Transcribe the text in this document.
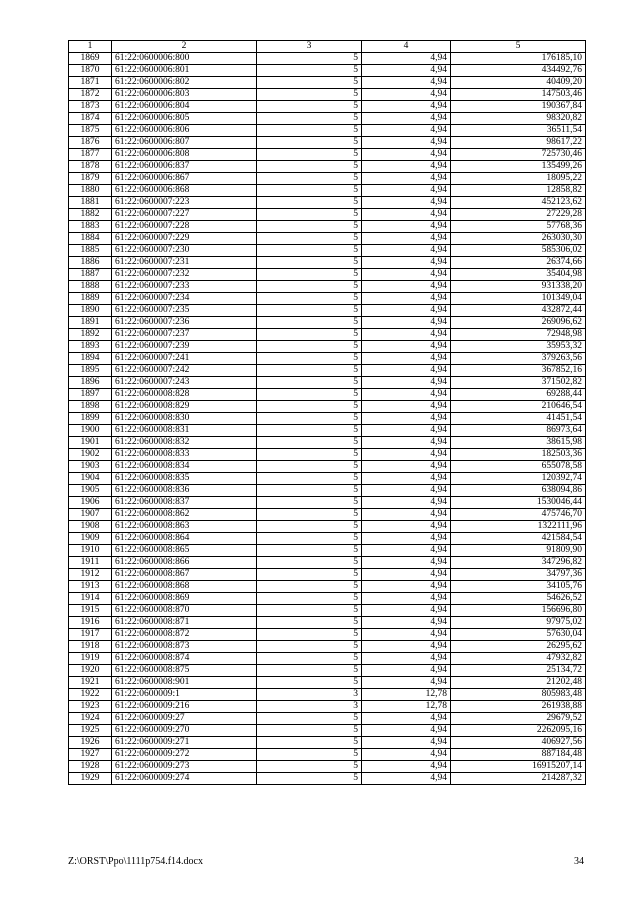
1	2	3	4	5
1869	61:22:0600006:800	5	4,94	176185,10
1870	61:22:0600006:801	5	4,94	434492,76
1871	61:22:0600006:802	5	4,94	40409,20
1872	61:22:0600006:803	5	4,94	147503,46
1873	61:22:0600006:804	5	4,94	190367,84
1874	61:22:0600006:805	5	4,94	98320,82
1875	61:22:0600006:806	5	4,94	36511,54
1876	61:22:0600006:807	5	4,94	98617,22
1877	61:22:0600006:808	5	4,94	725730,46
1878	61:22:0600006:837	5	4,94	135499,26
1879	61:22:0600006:867	5	4,94	18095,22
1880	61:22:0600006:868	5	4,94	12858,82
1881	61:22:0600007:223	5	4,94	452123,62
1882	61:22:0600007:227	5	4,94	27229,28
1883	61:22:0600007:228	5	4,94	57768,36
1884	61:22:0600007:229	5	4,94	263030,30
1885	61:22:0600007:230	5	4,94	585306,02
1886	61:22:0600007:231	5	4,94	26374,66
1887	61:22:0600007:232	5	4,94	35404,98
1888	61:22:0600007:233	5	4,94	931338,20
1889	61:22:0600007:234	5	4,94	101349,04
1890	61:22:0600007:235	5	4,94	432872,44
1891	61:22:0600007:236	5	4,94	269096,62
1892	61:22:0600007:237	5	4,94	72948,98
1893	61:22:0600007:239	5	4,94	35953,32
1894	61:22:0600007:241	5	4,94	379263,56
1895	61:22:0600007:242	5	4,94	367852,16
1896	61:22:0600007:243	5	4,94	371502,82
1897	61:22:0600008:828	5	4,94	69288,44
1898	61:22:0600008:829	5	4,94	210646,54
1899	61:22:0600008:830	5	4,94	41451,54
1900	61:22:0600008:831	5	4,94	86973,64
1901	61:22:0600008:832	5	4,94	38615,98
1902	61:22:0600008:833	5	4,94	182503,36
1903	61:22:0600008:834	5	4,94	655078,58
1904	61:22:0600008:835	5	4,94	120392,74
1905	61:22:0600008:836	5	4,94	638094,86
1906	61:22:0600008:837	5	4,94	1530046,44
1907	61:22:0600008:862	5	4,94	475746,70
1908	61:22:0600008:863	5	4,94	1322111,96
1909	61:22:0600008:864	5	4,94	421584,54
1910	61:22:0600008:865	5	4,94	91809,90
1911	61:22:0600008:866	5	4,94	347296,82
1912	61:22:0600008:867	5	4,94	34797,36
1913	61:22:0600008:868	5	4,94	34105,76
1914	61:22:0600008:869	5	4,94	54626,52
1915	61:22:0600008:870	5	4,94	156696,80
1916	61:22:0600008:871	5	4,94	97975,02
1917	61:22:0600008:872	5	4,94	57630,04
1918	61:22:0600008:873	5	4,94	26295,62
1919	61:22:0600008:874	5	4,94	47932,82
1920	61:22:0600008:875	5	4,94	25134,72
1921	61:22:0600008:901	5	4,94	21202,48
1922	61:22:0600009:1	3	12,78	805983,48
1923	61:22:0600009:216	3	12,78	261938,88
1924	61:22:0600009:27	5	4,94	29679,52
1925	61:22:0600009:270	5	4,94	2262095,16
1926	61:22:0600009:271	5	4,94	406927,56
1927	61:22:0600009:272	5	4,94	887184,48
1928	61:22:0600009:273	5	4,94	16915207,14
1929	61:22:0600009:274	5	4,94	214287,32
Z:\ORST\Ppo\1111p754.f14.docx	34
